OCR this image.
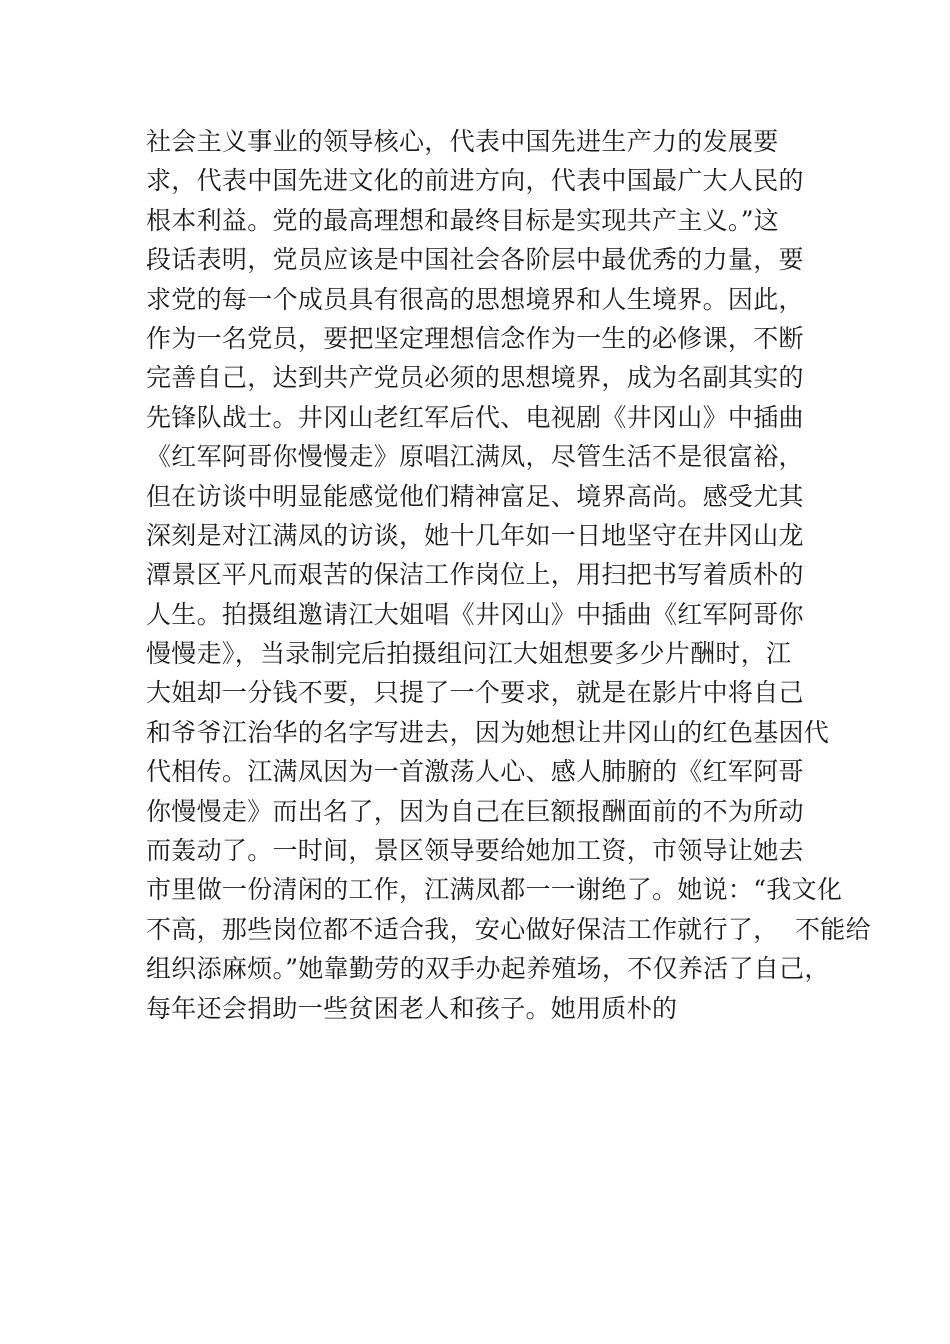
社会主义事业的领导核心，代表中国先进生产力的发展要
求，代表中国先进文化的前进方向，代表中国最广大人民的
根本利益。党的最高理想和最终目标是实现共产主义。”这
段话表明，党员应该是中国社会各阶层中最优秀的力量，要
求党的每一个成员具有很高的思想境界和人生境界。因此，
作为一名党员，要把坚定理想信念作为一生的必修课，不断
完善自己，达到共产党员必须的思想境界，成为名副其实的
先锋队战士。井冈山老红军后代、电视剧《井冈山》中插曲
《红军阿哥你慢慢走》原唱江满凤，尽管生活不是很富裕，
但在访谈中明显能感觉他们精神富足、境界高尚。感受尤其
深刻是对江满凤的访谈，她十几年如一日地坚守在井冈山龙
潭景区平凡而艰苦的保洁工作岗位上，用扫把书写着质朴的
人生。拍摄组邀请江大姐唱《井冈山》中插曲《红军阿哥你
慢慢走》，当录制完后拍摄组问江大姐想要多少片酬时，江
大姐却一分钱不要，只提了一个要求，就是在影片中将自己
和爷爷江治华的名字写进去，因为她想让井冈山的红色基因代
代相传。江满凤因为一首激荡人心、感人肺腑的《红军阿哥
你慢慢走》而出名了，因为自己在巨额报酬面前的不为所动
而轰动了。一时间，景区领导要给她加工资，市领导让她去
市里做一份清闲的工作，江满凤都一一谢绝了。她说：“我文化
不高，那些岗位都不适合我，安心做好保洁工作就行了，  不能给
组织添麻烦。”她靠勤劳的双手办起养殖场，不仅养活了自己，
每年还会捐助一些贫困老人和孩子。她用质朴的
